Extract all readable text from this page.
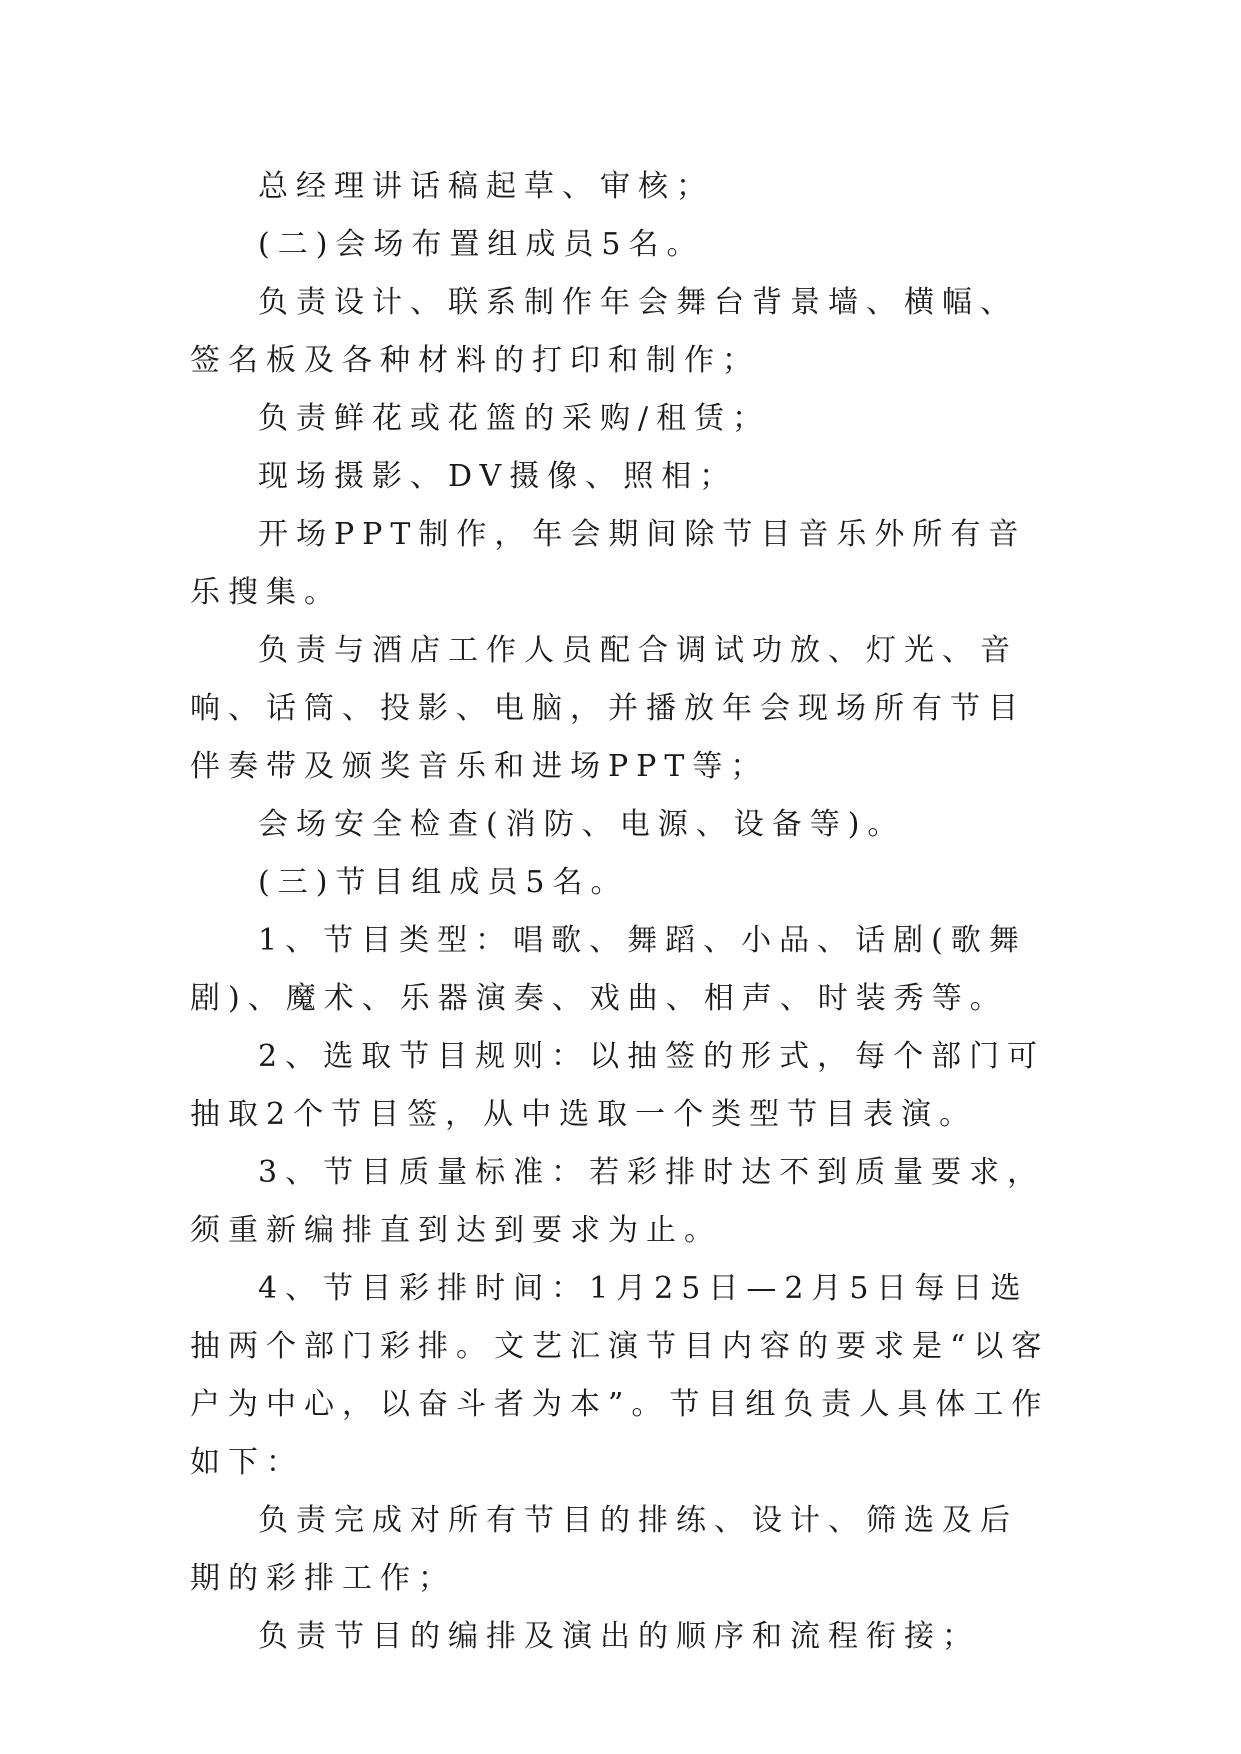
总经理讲话稿起草、审核；

(二)会场布置组成员5名。

负责设计、联系制作年会舞台背景墙、横幅、签名板及各种材料的打印和制作；

负责鲜花或花篮的采购/租赁；

现场摄影、DV摄像、照相；

开场PPT制作，年会期间除节目音乐外所有音乐搜集。

负责与酒店工作人员配合调试功放、灯光、音响、话筒、投影、电脑，并播放年会现场所有节目伴奏带及颁奖音乐和进场PPT等；

会场安全检查(消防、电源、设备等)。

(三)节目组成员5名。

1、节目类型：唱歌、舞蹈、小品、话剧(歌舞剧)、魔术、乐器演奏、戏曲、相声、时装秀等。

2、选取节目规则：以抽签的形式，每个部门可抽取2个节目签，从中选取一个类型节目表演。

3、节目质量标准：若彩排时达不到质量要求，须重新编排直到达到要求为止。

4、节目彩排时间：1月25日—2月5日每日选抽两个部门彩排。文艺汇演节目内容的要求是“以客户为中心，以奋斗者为本”。节目组负责人具体工作如下：

负责完成对所有节目的排练、设计、筛选及后期的彩排工作；

负责节目的编排及演出的顺序和流程衔接；
